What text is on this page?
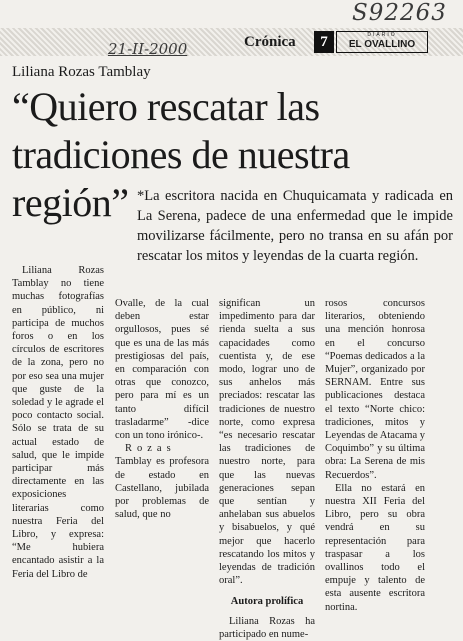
S92263
21-II-2000	Crónica	7	DIARIO
EL OVALLINO
Liliana Rozas Tamblay
“Quiero rescatar las
tradiciones de nuestra
región” *La escritora nacida en Chuquicamata y radicada en La Serena, padece de una enfermedad que le impide movilizarse fácilmente, pero no transa en su afán por rescatar los mitos y leyendas de la cuarta región.

Liliana Rozas Tamblay no tiene muchas fotografías en público, ni participa de muchos foros o en los círculos de escritores de la zona, pero no por eso sea una mujer que guste de la soledad y le agrade el poco contacto social. Sólo se trata de su actual estado de salud, que le impide participar más directamente en las exposiciones literarias como nuestra Feria del Libro, y expresa: “Me hubiera encantado asistir a la Feria del Libro de

Ovalle, de la cual deben estar orgullosos, pues sé que es una de las más prestigiosas del país, en comparación con otras que conozco, pero para mí es un tanto difícil trasladarme” -dice con un tono irónico-.

Rozas Tamblay es profesora de estado en Castellano, jubilada por problemas de salud, que no

significan un impedimento para dar rienda suelta a sus capacidades como cuentista y, de ese modo, lograr uno de sus anhelos más preciados: rescatar las tradiciones de nuestro norte, como expresa “es necesario rescatar las tradiciones de nuestro norte, para que las nuevas generaciones sepan que sentían y anhelaban sus abuelos y bisabuelos, y qué mejor que hacerlo rescatando los mitos y leyendas de tradición oral”.

Autora prolífica

Liliana Rozas ha participado en nume-

rosos concursos literarios, obteniendo una mención honrosa en el concurso “Poemas dedicados a la Mujer”, organizado por SERNAM. Entre sus publicaciones destaca el texto “Norte chico: tradiciones, mitos y Leyendas de Atacama y Coquimbo” y su última obra: La Serena de mis Recuerdos”.

Ella no estará en nuestra XII Feria del Libro, pero su obra vendrá en su representación para traspasar a los ovallinos todo el empuje y talento de esta ausente escritora nortina.
